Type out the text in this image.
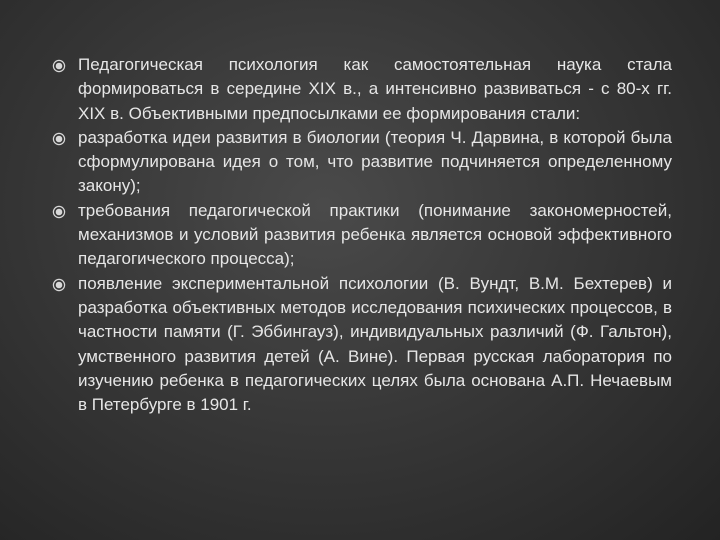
Педагогическая психология как самостоятельная наука стала формироваться в середине XIX в., а интенсивно развиваться - с 80-х гг. XIX в. Объективными предпосылками ее формирования стали:
разработка идеи развития в биологии (теория Ч. Дарвина, в которой была сформулирована идея о том, что развитие подчиняется определенному закону);
требования педагогической практики (понимание закономерностей, механизмов и условий развития ребенка является основой эффективного педагогического процесса);
появление экспериментальной психологии (В. Вундт, В.М. Бехтерев) и разработка объективных методов исследования психических процессов, в частности памяти (Г. Эббингауз), индивидуальных различий (Ф. Гальтон), умственного развития детей (А. Вине). Первая русская лаборатория по изучению ребенка в педагогических целях была основана А.П. Нечаевым в Петербурге в 1901 г.
